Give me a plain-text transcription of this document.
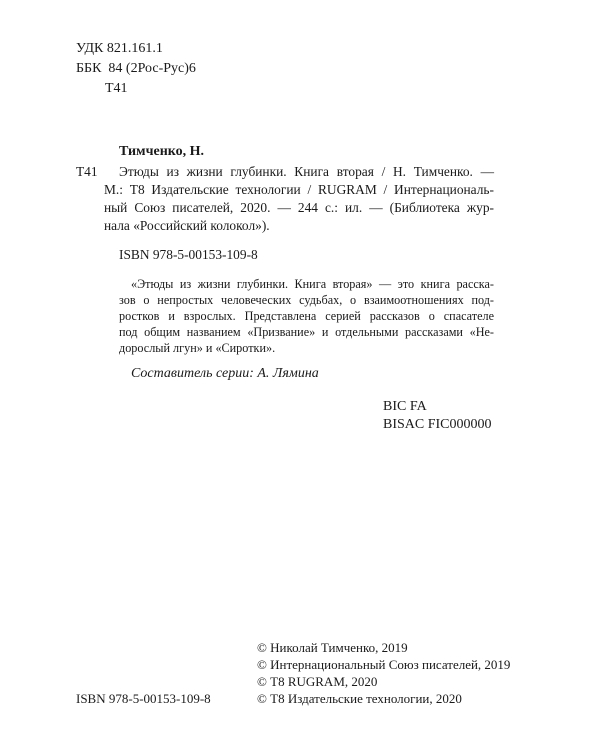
УДК 821.161.1
ББК  84 (2Рос-Рус)6
Т41
Тимченко, Н.
Т41 Этюды из жизни глубинки. Книга вторая / Н. Тимченко. —
М.: Т8 Издательские технологии / RUGRAM / Интернациональ-
ный Союз писателей, 2020. — 244 с.: ил. — (Библиотека жур-
нала «Российский колокол»).
ISBN 978-5-00153-109-8
«Этюды из жизни глубинки. Книга вторая» — это книга расска-
зов о непростых человеческих судьбах, о взаимоотношениях под-
ростков и взрослых. Представлена серией рассказов о спасателе
под общим названием «Призвание» и отдельными рассказами «Не-
дорослый лгун» и «Сиротки».
Составитель серии: А. Лямина
BIC FA
BISAC FIC000000
ISBN 978-5-00153-109-8
© Николай Тимченко, 2019
© Интернациональный Союз писателей, 2019
© Т8 RUGRAM, 2020
© Т8 Издательские технологии, 2020
